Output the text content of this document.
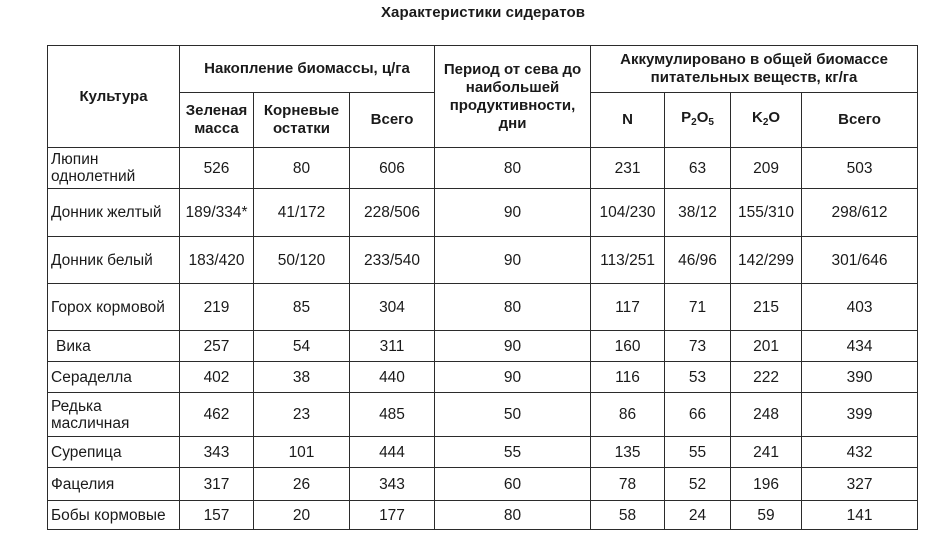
Характеристики сидератов
Культура	Накопление биомассы, ц/га			Период от сева до наибольшей продуктивности, дни	Аккумулировано в общей биомассе питательных веществ, кг/га			
	Зеленая масса	Корневые остатки	Всего		N	$P_2O_5$	$K_2O$	Всего
Люпин однолетний	526	80	606	80	231	63	209	503
Донник желтый	189/334*	41/172	228/506	90	104/230	38/12	155/310	298/612
Донник белый	183/420	50/120	233/540	90	113/251	46/96	142/299	301/646
Горох кормовой	219	85	304	80	117	71	215	403
Вика	257	54	311	90	160	73	201	434
Сераделла	402	38	440	90	116	53	222	390
Редька масличная	462	23	485	50	86	66	248	399
Сурепица	343	101	444	55	135	55	241	432
Фацелия	317	26	343	60	78	52	196	327
Бобы кормовые	157	20	177	80	58	24	59	141
